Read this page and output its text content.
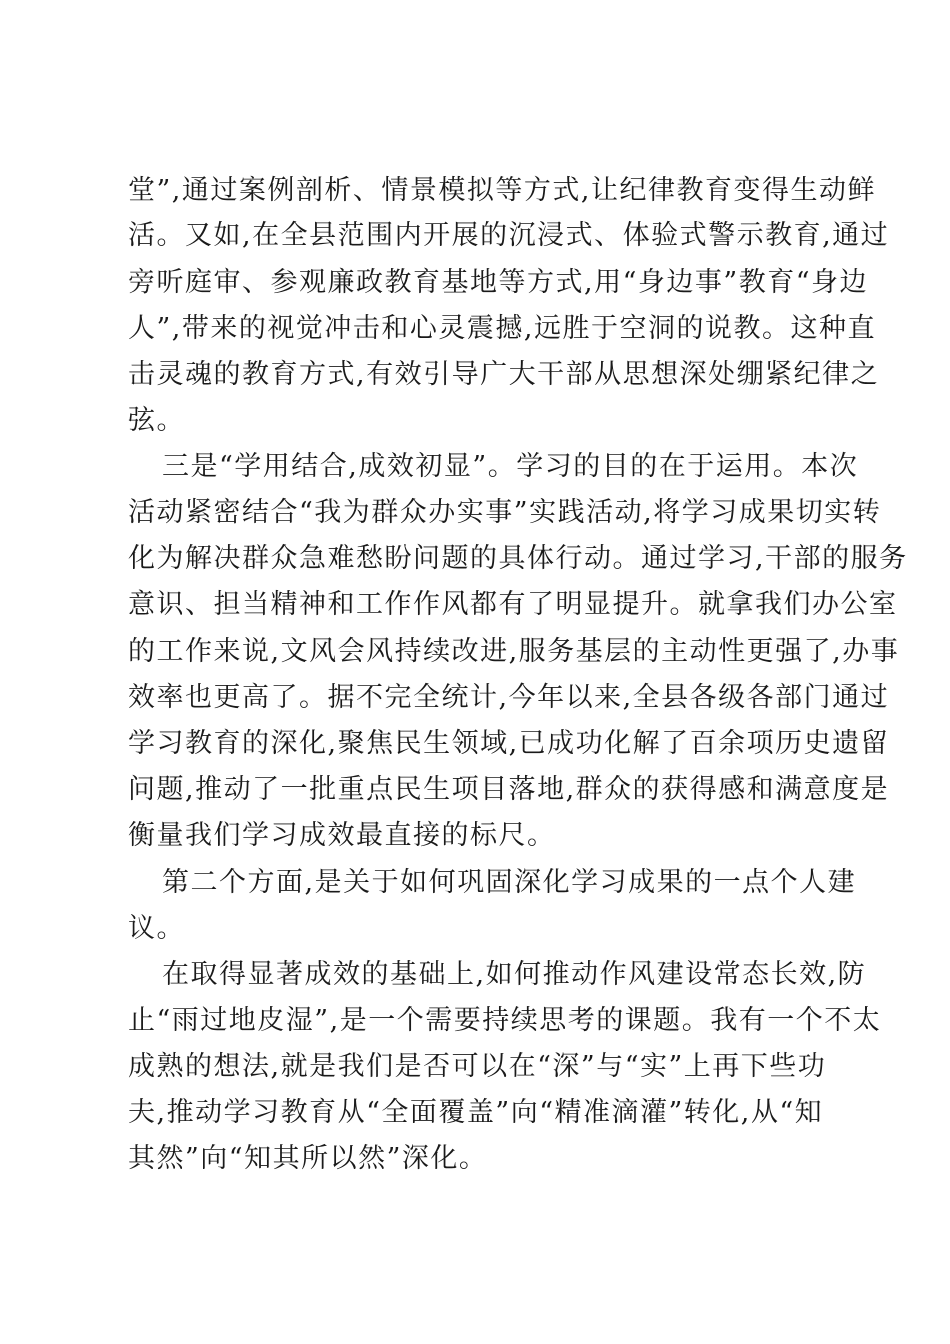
堂”,通过案例剖析、情景模拟等方式,让纪律教育变得生动鲜
活。又如,在全县范围内开展的沉浸式、体验式警示教育,通过
旁听庭审、参观廉政教育基地等方式,用“身边事”教育“身边
人”,带来的视觉冲击和心灵震撼,远胜于空洞的说教。这种直
击灵魂的教育方式,有效引导广大干部从思想深处绷紧纪律之
弦。
三是“学用结合,成效初显”。学习的目的在于运用。本次
活动紧密结合“我为群众办实事”实践活动,将学习成果切实转
化为解决群众急难愁盼问题的具体行动。通过学习,干部的服务
意识、担当精神和工作作风都有了明显提升。就拿我们办公室
的工作来说,文风会风持续改进,服务基层的主动性更强了,办事
效率也更高了。据不完全统计,今年以来,全县各级各部门通过
学习教育的深化,聚焦民生领域,已成功化解了百余项历史遗留
问题,推动了一批重点民生项目落地,群众的获得感和满意度是
衡量我们学习成效最直接的标尺。
第二个方面,是关于如何巩固深化学习成果的一点个人建
议。
在取得显著成效的基础上,如何推动作风建设常态长效,防
止“雨过地皮湿”,是一个需要持续思考的课题。我有一个不太
成熟的想法,就是我们是否可以在“深”与“实”上再下些功
夫,推动学习教育从“全面覆盖”向“精准滴灌”转化,从“知
其然”向“知其所以然”深化。
